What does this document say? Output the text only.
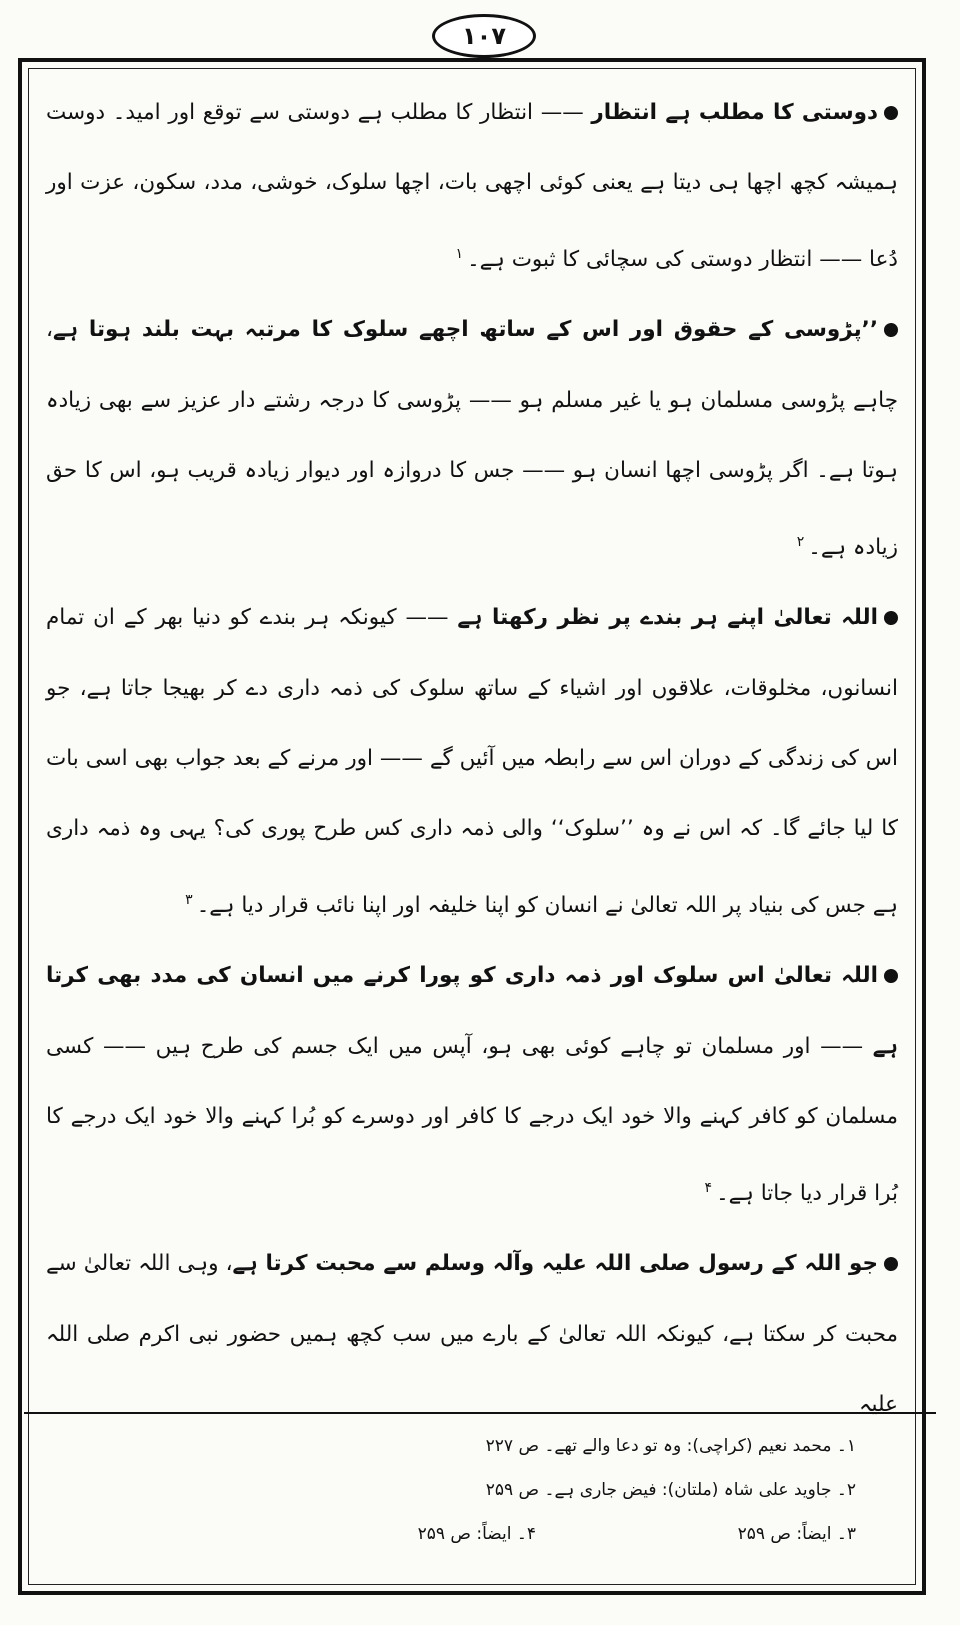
۱۰۷

دوستی کا مطلب ہے انتظار —— انتظار کا مطلب ہے دوستی سے توقع اور امید۔ دوست ہمیشہ کچھ اچھا ہی دیتا ہے یعنی کوئی اچھی بات، اچھا سلوک، خوشی، مدد، سکون، عزت اور دُعا —— انتظار دوستی کی سچائی کا ثبوت ہے۔$^۱$

’’پڑوسی کے حقوق اور اس کے ساتھ اچھے سلوک کا مرتبہ بہت بلند ہوتا ہے، چاہے پڑوسی مسلمان ہو یا غیر مسلم ہو —— پڑوسی کا درجہ رشتے دار عزیز سے بھی زیادہ ہوتا ہے۔ اگر پڑوسی اچھا انسان ہو —— جس کا دروازہ اور دیوار زیادہ قریب ہو، اس کا حق زیادہ ہے۔$^۲$

اللہ تعالیٰ اپنے ہر بندے پر نظر رکھتا ہے —— کیونکہ ہر بندے کو دنیا بھر کے ان تمام انسانوں، مخلوقات، علاقوں اور اشیاء کے ساتھ سلوک کی ذمہ داری دے کر بھیجا جاتا ہے، جو اس کی زندگی کے دوران اس سے رابطہ میں آئیں گے —— اور مرنے کے بعد جواب بھی اسی بات کا لیا جائے گا۔ کہ اس نے وہ ’’سلوک‘‘ والی ذمہ داری کس طرح پوری کی؟ یہی وہ ذمہ داری ہے جس کی بنیاد پر اللہ تعالیٰ نے انسان کو اپنا خلیفہ اور اپنا نائب قرار دیا ہے۔$^۳$

اللہ تعالیٰ اس سلوک اور ذمہ داری کو پورا کرنے میں انسان کی مدد بھی کرتا ہے —— اور مسلمان تو چاہے کوئی بھی ہو، آپس میں ایک جسم کی طرح ہیں —— کسی مسلمان کو کافر کہنے والا خود ایک درجے کا کافر اور دوسرے کو بُرا کہنے والا خود ایک درجے کا بُرا قرار دیا جاتا ہے۔$^۴$

جو اللہ کے رسول صلی اللہ علیہ وآلہ وسلم سے محبت کرتا ہے، وہی اللہ تعالیٰ سے محبت کر سکتا ہے، کیونکہ اللہ تعالیٰ کے بارے میں سب کچھ ہمیں حضور نبی اکرم صلی اللہ علیہ

۱۔ محمد نعیم (کراچی): وہ تو دعا والے تھے۔ ص ۲۲۷
۲۔ جاوید علی شاہ (ملتان): فیض جاری ہے۔ ص ۲۵۹
۳۔ ایضاً: ص ۲۵۹
۴۔ ایضاً: ص ۲۵۹
